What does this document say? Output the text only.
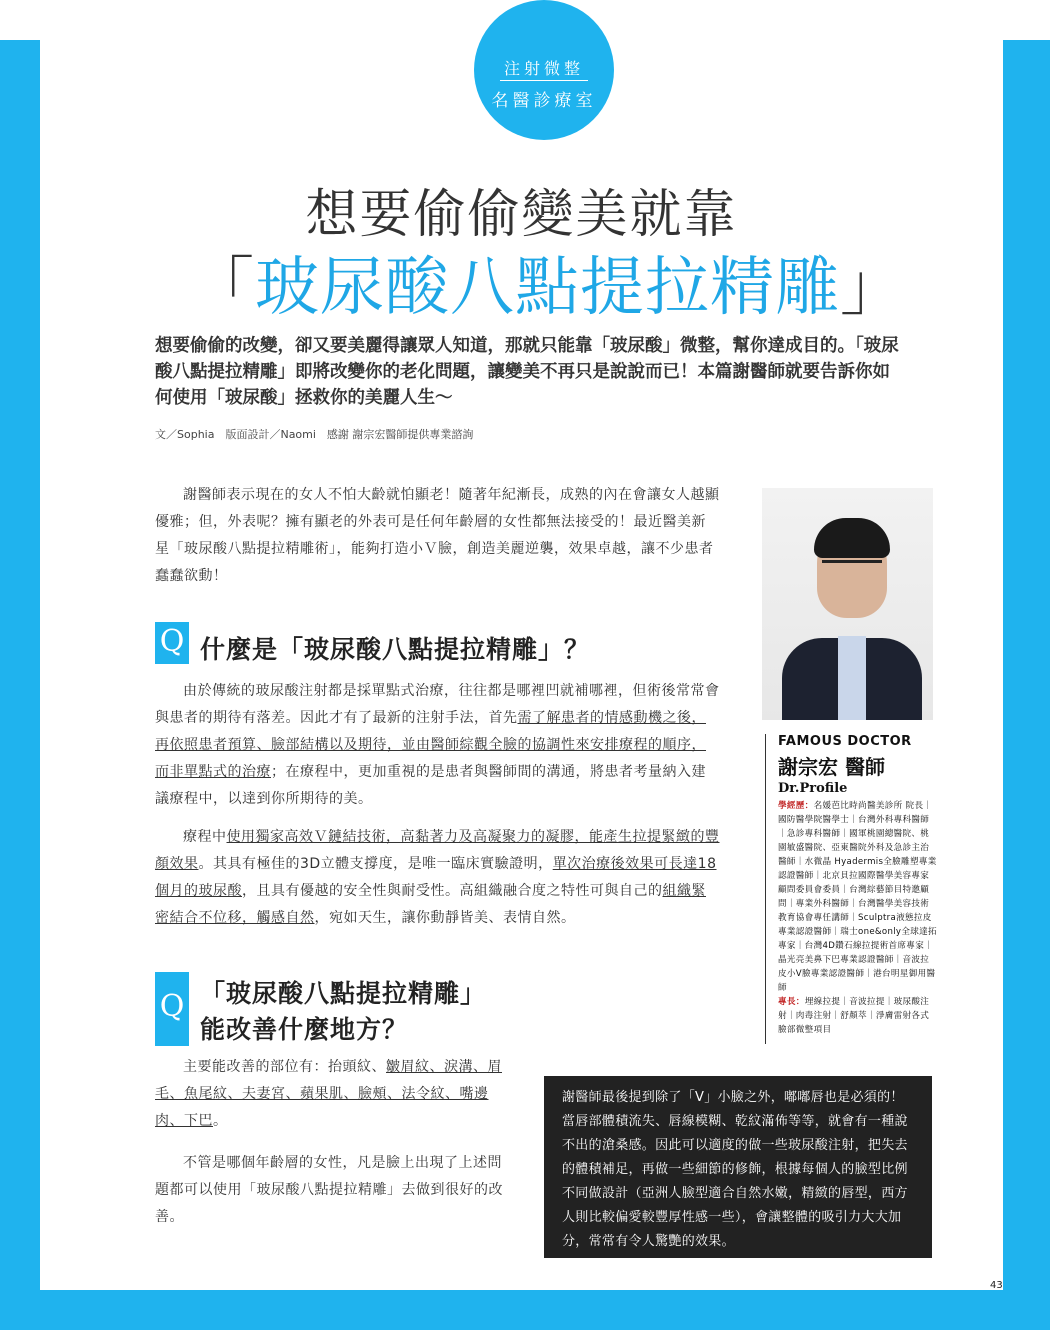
注射微整
名醫診療室
想要偷偷變美就靠
「玻尿酸八點提拉精雕」
想要偷偷的改變，卻又要美麗得讓眾人知道，那就只能靠「玻尿酸」微整，幫你達成目的。「玻尿酸八點提拉精雕」即將改變你的老化問題，讓變美不再只是說說而已！本篇謝醫師就要告訴你如何使用「玻尿酸」拯救你的美麗人生～
文／Sophia　版面設計／Naomi　感謝 謝宗宏醫師提供專業諮詢
謝醫師表示現在的女人不怕大齡就怕顯老！隨著年紀漸長，成熟的內在會讓女人越顯優雅；但，外表呢？擁有顯老的外表可是任何年齡層的女性都無法接受的！最近醫美新星「玻尿酸八點提拉精雕術」，能夠打造小Ｖ臉，創造美麗逆襲，效果卓越，讓不少患者蠢蠢欲動！
Q 什麼是「玻尿酸八點提拉精雕」？
由於傳統的玻尿酸注射都是採單點式治療，往往都是哪裡凹就補哪裡，但術後常常會與患者的期待有落差。因此才有了最新的注射手法，首先需了解患者的情感動機之後，再依照患者預算、臉部結構以及期待，並由醫師綜觀全臉的協調性來安排療程的順序，而非單點式的治療；在療程中，更加重視的是患者與醫師間的溝通，將患者考量納入建議療程中，以達到你所期待的美。
療程中使用獨家高效Ｖ鏈結技術，高黏著力及高凝聚力的凝膠，能產生拉提緊緻的豐顏效果。其具有極佳的3D立體支撐度，是唯一臨床實驗證明，單次治療後效果可長達18個月的玻尿酸，且具有優越的安全性與耐受性。高組織融合度之特性可與自己的組織緊密結合不位移，觸感自然，宛如天生，讓你動靜皆美、表情自然。
Q 「玻尿酸八點提拉精雕」
能改善什麼地方？
主要能改善的部位有：抬頭紋、皺眉紋、淚溝、眉毛、魚尾紋、夫妻宮、蘋果肌、臉頰、法令紋、嘴邊肉、下巴。
不管是哪個年齡層的女性，凡是臉上出現了上述問題都可以使用「玻尿酸八點提拉精雕」去做到很好的改善。
FAMOUS DOCTOR
謝宗宏 醫師
Dr.Profile
學經歷：名媛芭比時尚醫美診所 院長｜國防醫學院醫學士｜台灣外科專科醫師｜急診專科醫師｜國軍桃園總醫院、桃園敏盛醫院、亞東醫院外科及急診主治醫師｜水微晶 Hyadermis全臉雕塑專業認證醫師｜北京貝拉國際醫學美容專家顧問委員會委員｜台灣綜藝節目特邀顧問｜專業外科醫師｜台灣醫學美容技術教育協會專任講師｜Sculptra液態拉皮專業認證醫師｜瑞士one&only全球達拓專家｜台灣4D鑽石線拉提術首席專家｜晶光亮美鼻下巴專業認證醫師｜音波拉皮小V臉專業認證醫師｜港台明星御用醫師
專長：埋線拉提｜音波拉提｜玻尿酸注射｜肉毒注射｜舒顏萃｜淨膚雷射各式臉部微整項目
謝醫師最後提到除了「V」小臉之外，嘟嘟唇也是必須的！當唇部體積流失、唇線模糊、乾紋滿佈等等，就會有一種說不出的滄桑感。因此可以適度的做一些玻尿酸注射，把失去的體積補足，再做一些細節的修飾，根據每個人的臉型比例不同做設計（亞洲人臉型適合自然水嫩，精緻的唇型，西方人則比較偏愛較豐厚性感一些），會讓整體的吸引力大大加分，常常有令人驚艷的效果。
43
